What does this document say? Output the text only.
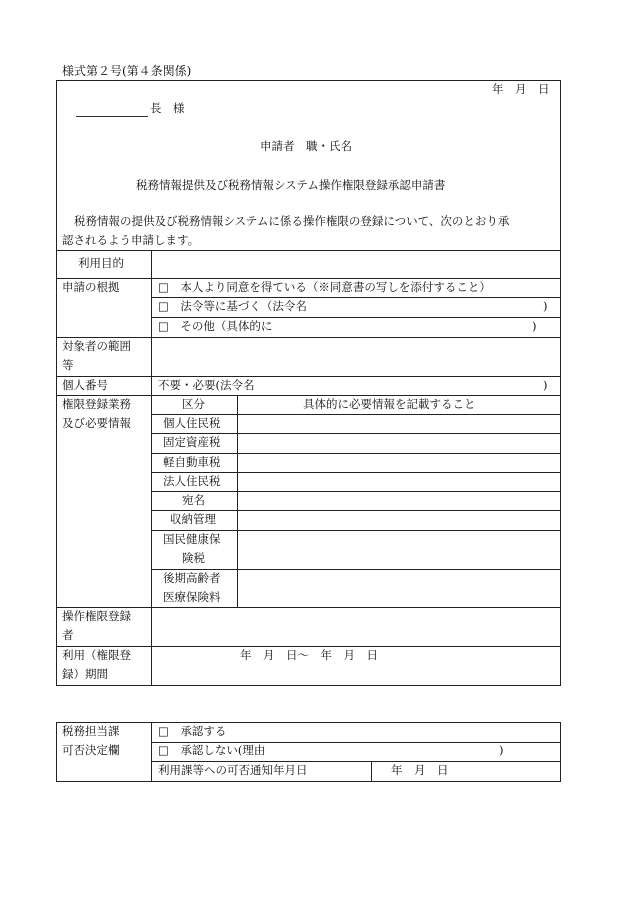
様式第２号(第４条関係)
年　月　日
長　様
申請者　職・氏名
税務情報提供及び税務情報システム操作権限登録承認申請書
税務情報の提供及び税務情報システムに係る操作権限の登録について、次のとおり承
認されるよう申請します。
利用目的
申請の根拠	□　本人より同意を得ている（※同意書の写しを添付すること）
□　法令等に基づく（法令名	)
□　その他（具体的に	)
対象者の範囲
等
個人番号	不要・必要(法令名	)
権限登録業務
及び必要情報
区分	具体的に必要情報を記載すること
個人住民税
固定資産税
軽自動車税
法人住民税
宛名
収納管理
国民健康保
険税
後期高齢者
医療保険料
操作権限登録
者
利用（権限登
録）期間
年　月　日～　年　月　日
税務担当課
可否決定欄
□　承認する
□　承認しない(理由	)
利用課等への可否通知年月日	年　月　日
